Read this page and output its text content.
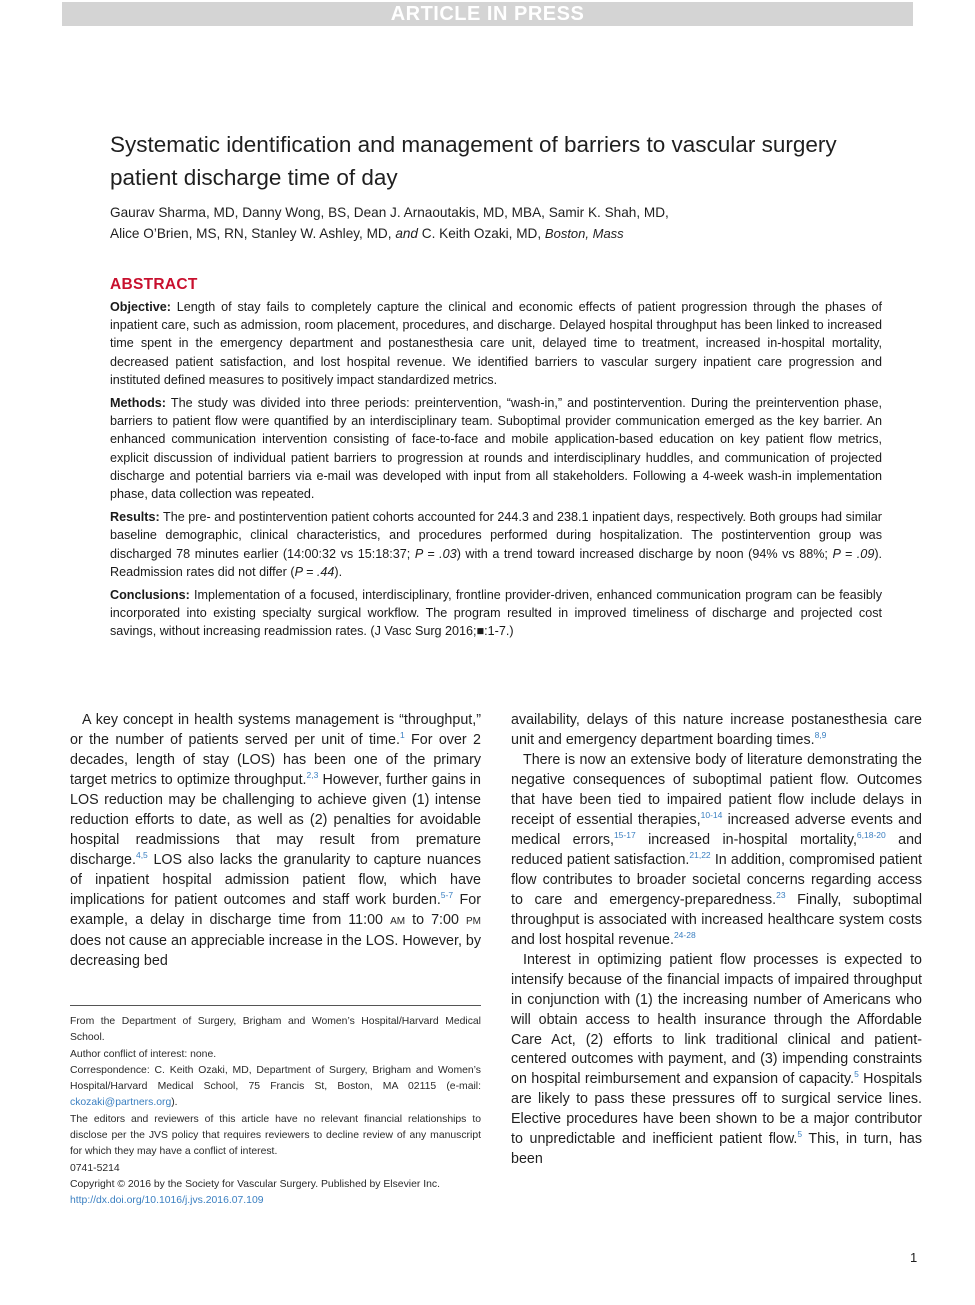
ARTICLE IN PRESS
Systematic identification and management of barriers to vascular surgery patient discharge time of day
Gaurav Sharma, MD, Danny Wong, BS, Dean J. Arnaoutakis, MD, MBA, Samir K. Shah, MD,
Alice O’Brien, MS, RN, Stanley W. Ashley, MD, and C. Keith Ozaki, MD, Boston, Mass
ABSTRACT

Objective: Length of stay fails to completely capture the clinical and economic effects of patient progression through the phases of inpatient care, such as admission, room placement, procedures, and discharge. Delayed hospital throughput has been linked to increased time spent in the emergency department and postanesthesia care unit, delayed time to treatment, increased in-hospital mortality, decreased patient satisfaction, and lost hospital revenue. We identified barriers to vascular surgery inpatient care progression and instituted defined measures to positively impact standardized metrics.

Methods: The study was divided into three periods: preintervention, “wash-in,” and postintervention. During the preintervention phase, barriers to patient flow were quantified by an interdisciplinary team. Suboptimal provider communication emerged as the key barrier. An enhanced communication intervention consisting of face-to-face and mobile application-based education on key patient flow metrics, explicit discussion of individual patient barriers to progression at rounds and interdisciplinary huddles, and communication of projected discharge and potential barriers via e-mail was developed with input from all stakeholders. Following a 4-week wash-in implementation phase, data collection was repeated.

Results: The pre- and postintervention patient cohorts accounted for 244.3 and 238.1 inpatient days, respectively. Both groups had similar baseline demographic, clinical characteristics, and procedures performed during hospitalization. The postintervention group was discharged 78 minutes earlier (14:00:32 vs 15:18:37; P = .03) with a trend toward increased discharge by noon (94% vs 88%; P = .09). Readmission rates did not differ (P = .44).

Conclusions: Implementation of a focused, interdisciplinary, frontline provider-driven, enhanced communication program can be feasibly incorporated into existing specialty surgical workflow. The program resulted in improved timeliness of discharge and projected cost savings, without increasing readmission rates. (J Vasc Surg 2016;■:1-7.)

A key concept in health systems management is “throughput,” or the number of patients served per unit of time.$^1$ For over 2 decades, length of stay (LOS) has been one of the primary target metrics to optimize throughput.$^{2,3}$ However, further gains in LOS reduction may be challenging to achieve given (1) intense reduction efforts to date, as well as (2) penalties for avoidable hospital readmissions that may result from premature discharge.$^{4,5}$ LOS also lacks the granularity to capture nuances of inpatient hospital admission patient flow, which have implications for patient outcomes and staff work burden.$^{5-7}$ For example, a delay in discharge time from 11:00 AM to 7:00 PM does not cause an appreciable increase in the LOS. However, by decreasing bed

availability, delays of this nature increase postanesthesia care unit and emergency department boarding times.$^{8,9}$

There is now an extensive body of literature demonstrating the negative consequences of suboptimal patient flow. Outcomes that have been tied to impaired patient flow include delays in receipt of essential therapies,$^{10-14}$ increased adverse events and medical errors,$^{15-17}$ increased in-hospital mortality,$^{6,18-20}$ and reduced patient satisfaction.$^{21,22}$ In addition, compromised patient flow contributes to broader societal concerns regarding access to care and emergency-preparedness.$^{23}$ Finally, suboptimal throughput is associated with increased healthcare system costs and lost hospital revenue.$^{24-28}$

Interest in optimizing patient flow processes is expected to intensify because of the financial impacts of impaired throughput in conjunction with (1) the increasing number of Americans who will obtain access to health insurance through the Affordable Care Act, (2) efforts to link traditional clinical and patient-centered outcomes with payment, and (3) impending constraints on hospital reimbursement and expansion of capacity.$^5$ Hospitals are likely to pass these pressures off to surgical service lines. Elective procedures have been shown to be a major contributor to unpredictable and inefficient patient flow.$^5$ This, in turn, has been

From the Department of Surgery, Brigham and Women’s Hospital/Harvard Medical School.

Author conflict of interest: none.

Correspondence: C. Keith Ozaki, MD, Department of Surgery, Brigham and Women’s Hospital/Harvard Medical School, 75 Francis St, Boston, MA 02115 (e-mail: ckozaki@partners.org).

The editors and reviewers of this article have no relevant financial relationships to disclose per the JVS policy that requires reviewers to decline review of any manuscript for which they may have a conflict of interest.

0741-5214

Copyright © 2016 by the Society for Vascular Surgery. Published by Elsevier Inc.

http://dx.doi.org/10.1016/j.jvs.2016.07.109

1
